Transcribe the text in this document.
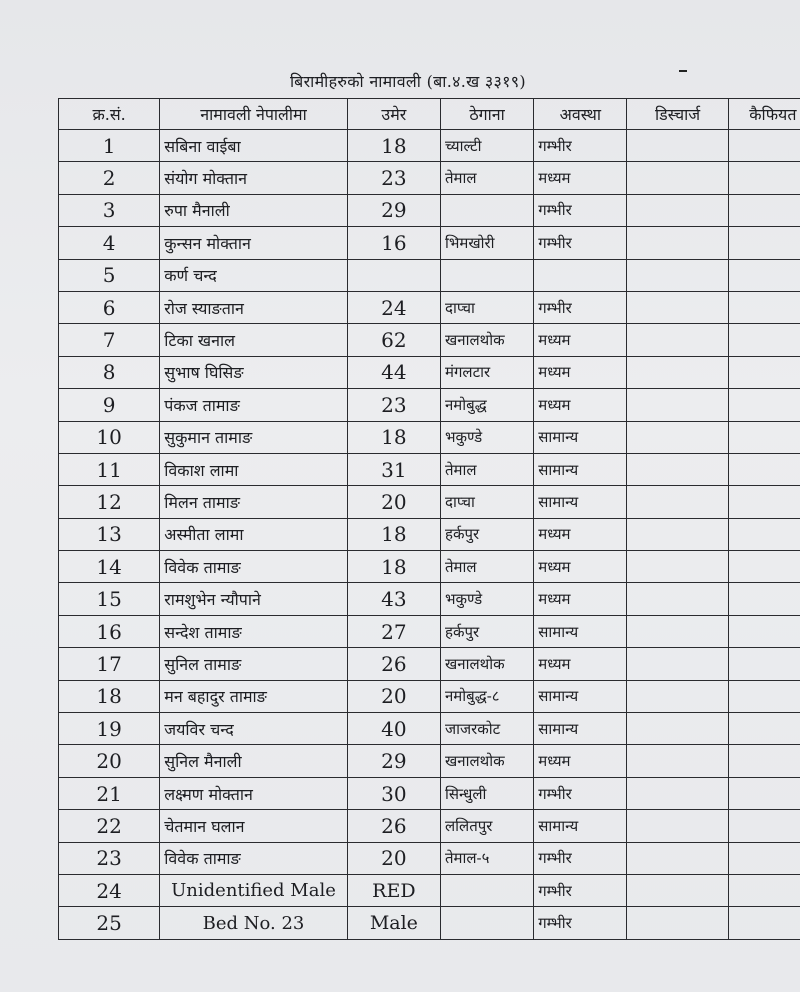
बिरामीहरुको नामावली (बा.४.ख ३३१९)
क्र.सं.	नामावली नेपालीमा	उमेर	ठेगाना	अवस्था	डिस्चार्ज	कैफियत
1	सबिना वाईबा	18	च्याल्टी	गम्भीर		
2	संयोग मोक्तान	23	तेमाल	मध्यम		
3	रुपा मैनाली	29		गम्भीर		
4	कुन्सन मोक्तान	16	भिमखोरी	गम्भीर		
5	कर्ण चन्द					
6	रोज स्याङतान	24	दाप्चा	गम्भीर		
7	टिका खनाल	62	खनालथोक	मध्यम		
8	सुभाष घिसिङ	44	मंगलटार	मध्यम		
9	पंकज तामाङ	23	नमोबुद्ध	मध्यम		
10	सुकुमान तामाङ	18	भकुण्डे	सामान्य		
11	विकाश लामा	31	तेमाल	सामान्य		
12	मिलन तामाङ	20	दाप्चा	सामान्य		
13	अस्मीता लामा	18	हर्कपुर	मध्यम		
14	विवेक तामाङ	18	तेमाल	मध्यम		
15	रामशुभेन न्यौपाने	43	भकुण्डे	मध्यम		
16	सन्देश तामाङ	27	हर्कपुर	सामान्य		
17	सुनिल तामाङ	26	खनालथोक	मध्यम		
18	मन बहादुर तामाङ	20	नमोबुद्ध-८	सामान्य		
19	जयविर चन्द	40	जाजरकोट	सामान्य		
20	सुनिल मैनाली	29	खनालथोक	मध्यम		
21	लक्ष्मण मोक्तान	30	सिन्धुली	गम्भीर		
22	चेतमान घलान	26	ललितपुर	सामान्य		
23	विवेक तामाङ	20	तेमाल-५	गम्भीर		
24	Unidentified Male	RED		गम्भीर		
25	Bed No. 23	Male		गम्भीर		
